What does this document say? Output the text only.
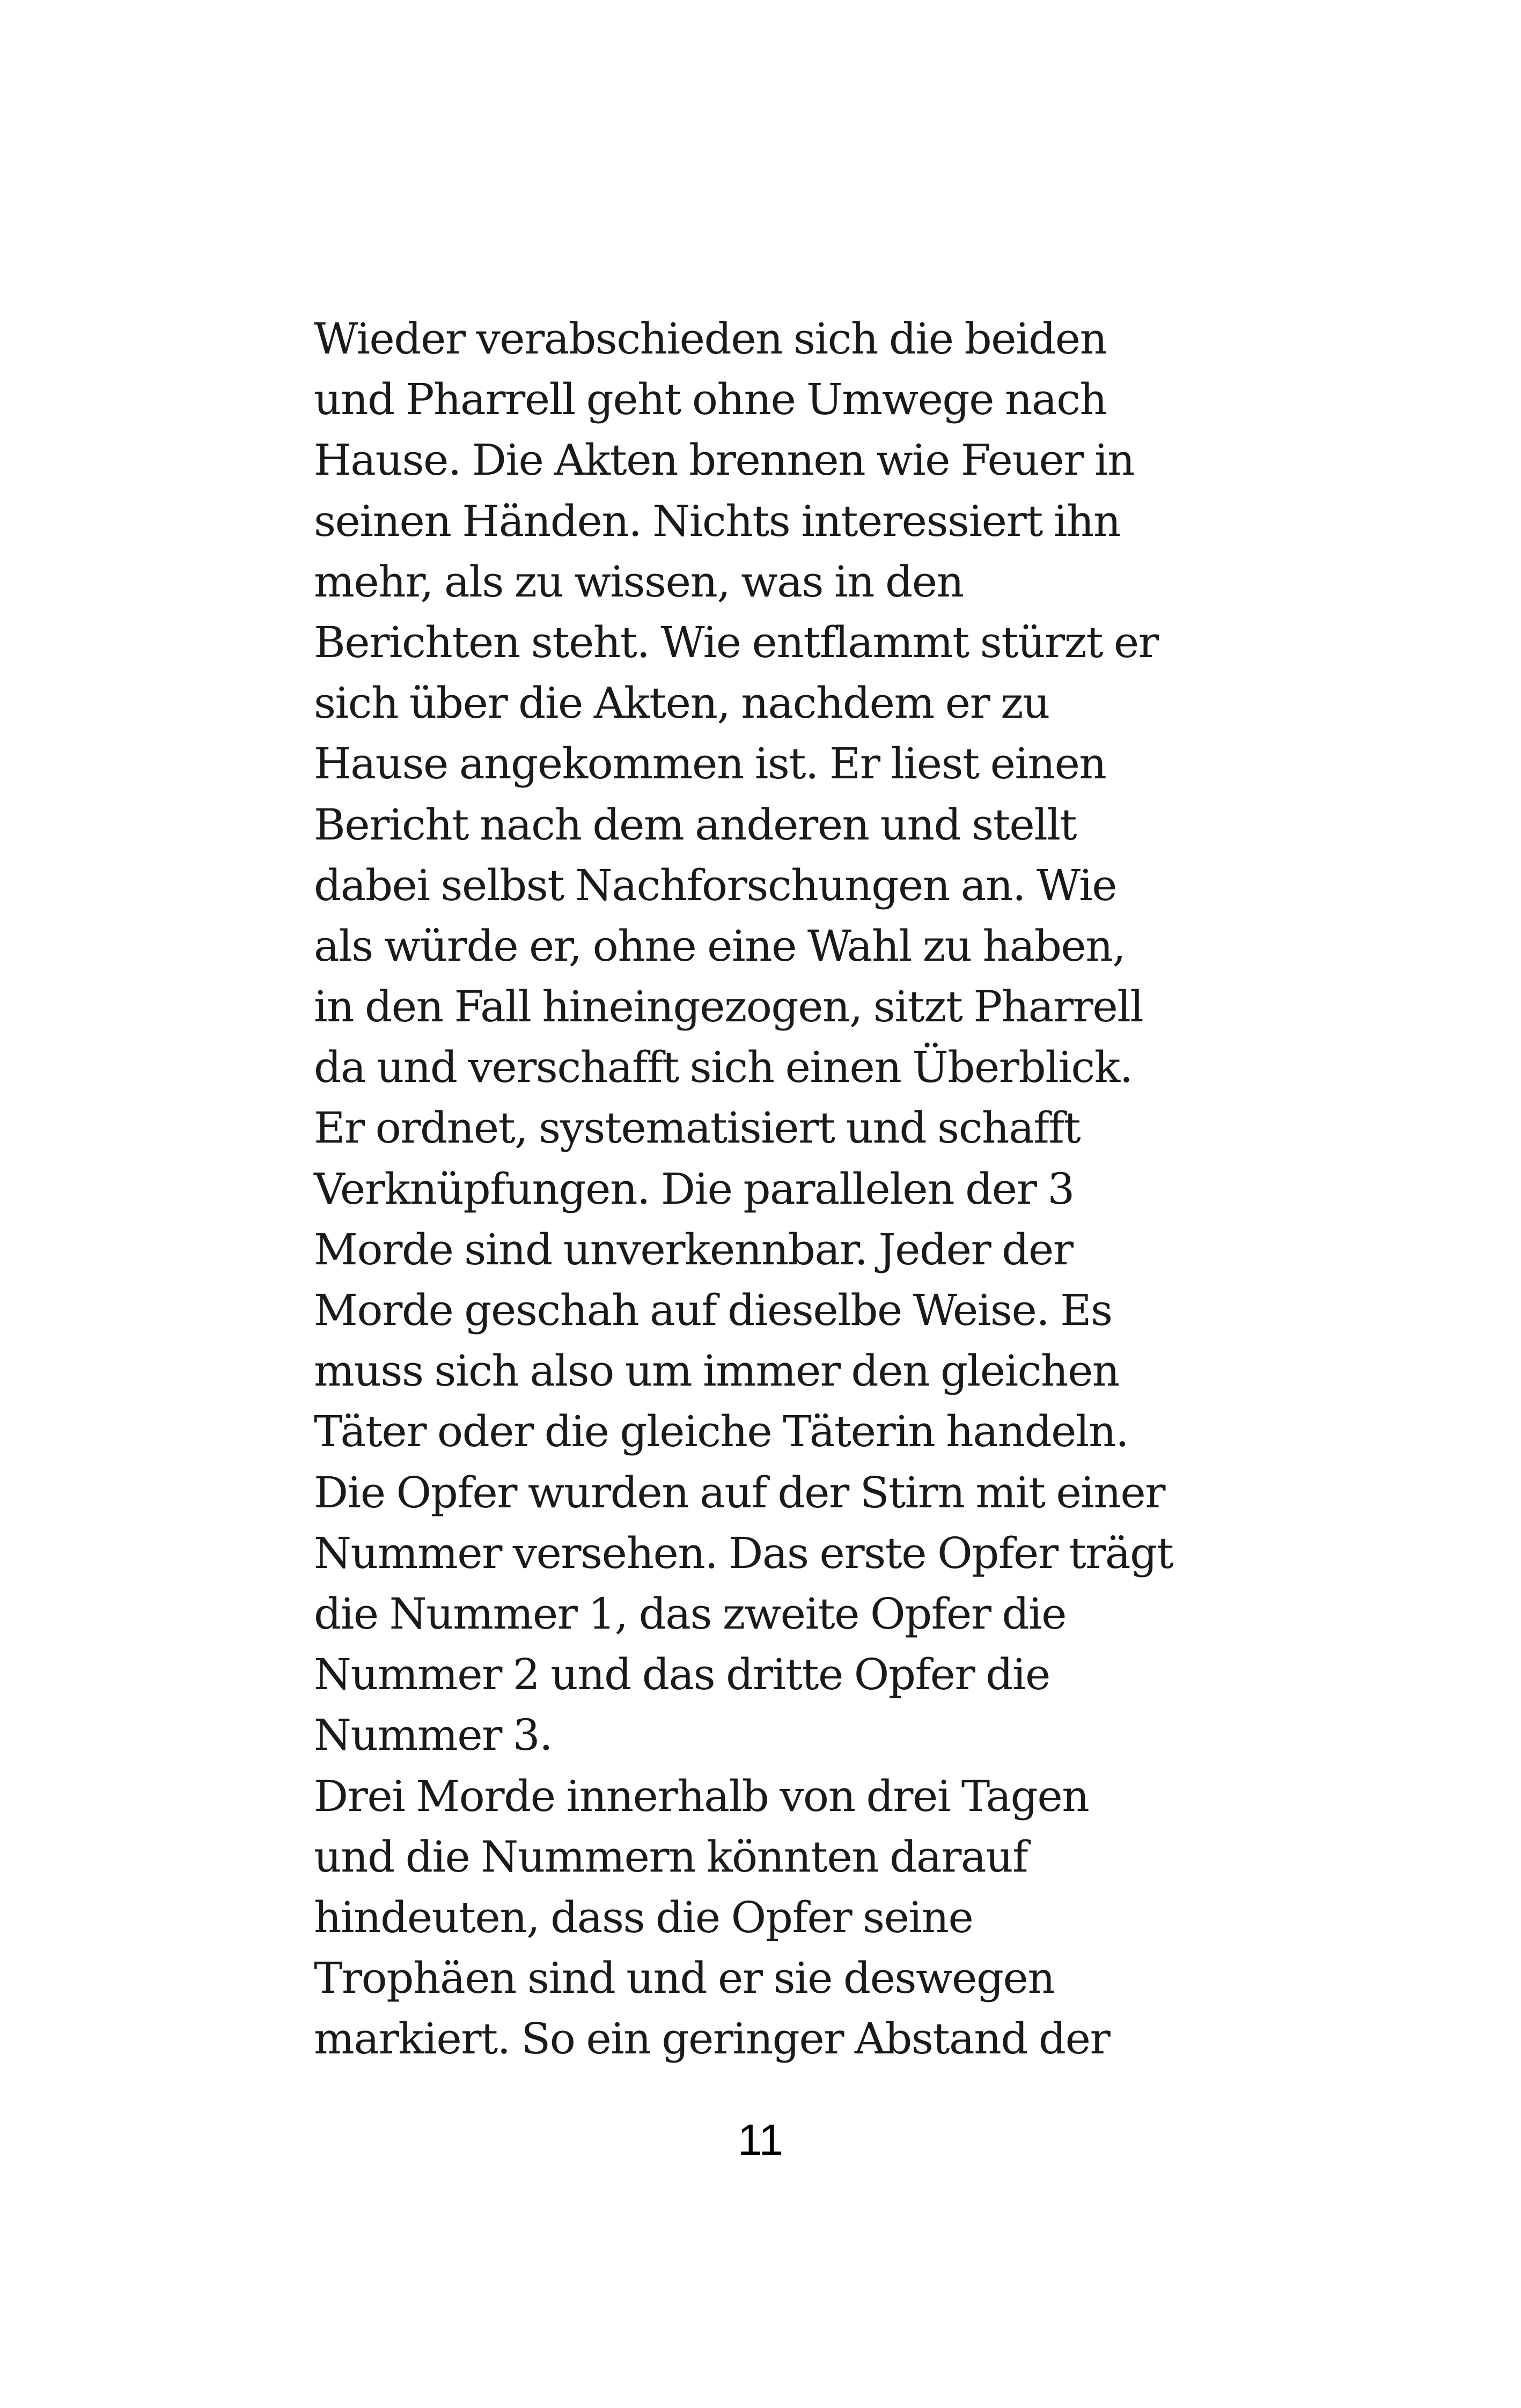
Wieder verabschieden sich die beiden
und Pharrell geht ohne Umwege nach
Hause. Die Akten brennen wie Feuer in
seinen Händen. Nichts interessiert ihn
mehr, als zu wissen, was in den
Berichten steht. Wie entflammt stürzt er
sich über die Akten, nachdem er zu
Hause angekommen ist. Er liest einen
Bericht nach dem anderen und stellt
dabei selbst Nachforschungen an. Wie
als würde er, ohne eine Wahl zu haben,
in den Fall hineingezogen, sitzt Pharrell
da und verschafft sich einen Überblick.
Er ordnet, systematisiert und schafft
Verknüpfungen. Die parallelen der 3
Morde sind unverkennbar. Jeder der
Morde geschah auf dieselbe Weise. Es
muss sich also um immer den gleichen
Täter oder die gleiche Täterin handeln.
Die Opfer wurden auf der Stirn mit einer
Nummer versehen. Das erste Opfer trägt
die Nummer 1, das zweite Opfer die
Nummer 2 und das dritte Opfer die
Nummer 3.
Drei Morde innerhalb von drei Tagen
und die Nummern könnten darauf
hindeuten, dass die Opfer seine
Trophäen sind und er sie deswegen
markiert. So ein geringer Abstand der
11
